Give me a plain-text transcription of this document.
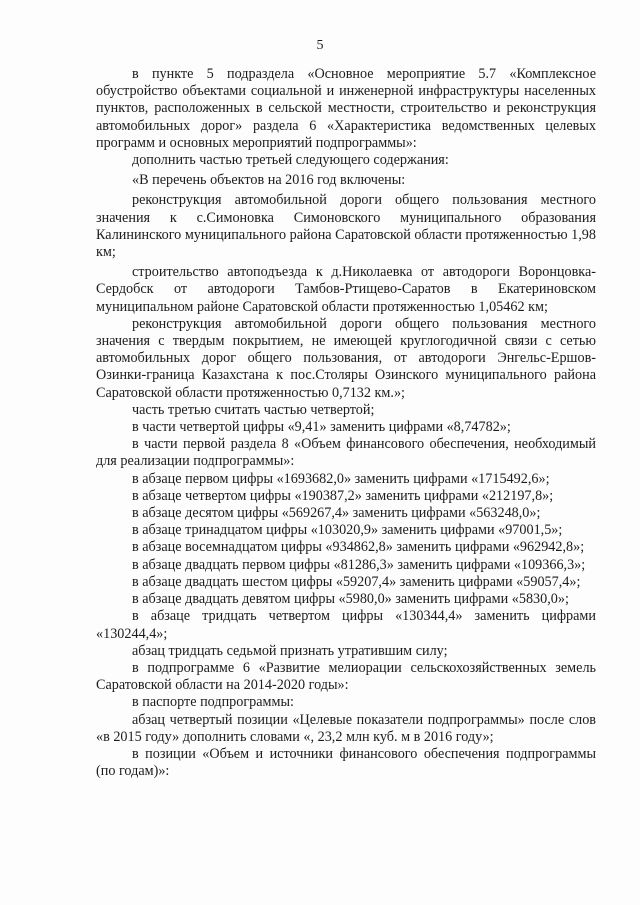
5

в пункте 5 подраздела «Основное мероприятие 5.7 «Комплексное обустройство объектами социальной и инженерной инфраструктуры населенных пунктов, расположенных в сельской местности, строительство и реконструкция автомобильных дорог» раздела 6 «Характеристика ведомственных целевых программ и основных мероприятий подпрограммы»:

дополнить частью третьей следующего содержания:

«В перечень объектов на 2016 год включены:

реконструкция автомобильной дороги общего пользования местного значения к с.Симоновка Симоновского муниципального образования Калининского муниципального района Саратовской области протяженностью 1,98 км;

строительство автоподъезда к д.Николаевка от автодороги Воронцовка-Сердобск от автодороги Тамбов-Ртищево-Саратов в Екатериновском муниципальном районе Саратовской области протяженностью 1,05462 км;

реконструкция автомобильной дороги общего пользования местного значения с твердым покрытием, не имеющей круглогодичной связи с сетью автомобильных дорог общего пользования, от автодороги Энгельс-Ершов-Озинки-граница Казахстана к пос.Столяры Озинского муниципального района Саратовской области протяженностью 0,7132 км.»;

часть третью считать частью четвертой;

в части четвертой цифры «9,41» заменить цифрами «8,74782»;

в части первой раздела 8 «Объем финансового обеспечения, необходимый для реализации подпрограммы»:

в абзаце первом цифры «1693682,0» заменить цифрами «1715492,6»;

в абзаце четвертом цифры «190387,2» заменить цифрами «212197,8»;

в абзаце десятом цифры «569267,4» заменить цифрами «563248,0»;

в абзаце тринадцатом цифры «103020,9» заменить цифрами «97001,5»;

в абзаце восемнадцатом цифры «934862,8» заменить цифрами «962942,8»;

в абзаце двадцать первом цифры «81286,3» заменить цифрами «109366,3»;

в абзаце двадцать шестом цифры «59207,4» заменить цифрами «59057,4»;

в абзаце двадцать девятом цифры «5980,0» заменить цифрами «5830,0»;

в абзаце тридцать четвертом цифры «130344,4» заменить цифрами «130244,4»;

абзац тридцать седьмой признать утратившим силу;

в подпрограмме 6 «Развитие мелиорации сельскохозяйственных земель Саратовской области на 2014-2020 годы»:

в паспорте подпрограммы:

абзац четвертый позиции «Целевые показатели подпрограммы» после слов «в 2015 году» дополнить словами «, 23,2 млн куб. м в 2016 году»;

в позиции «Объем и источники финансового обеспечения подпрограммы (по годам)»:
